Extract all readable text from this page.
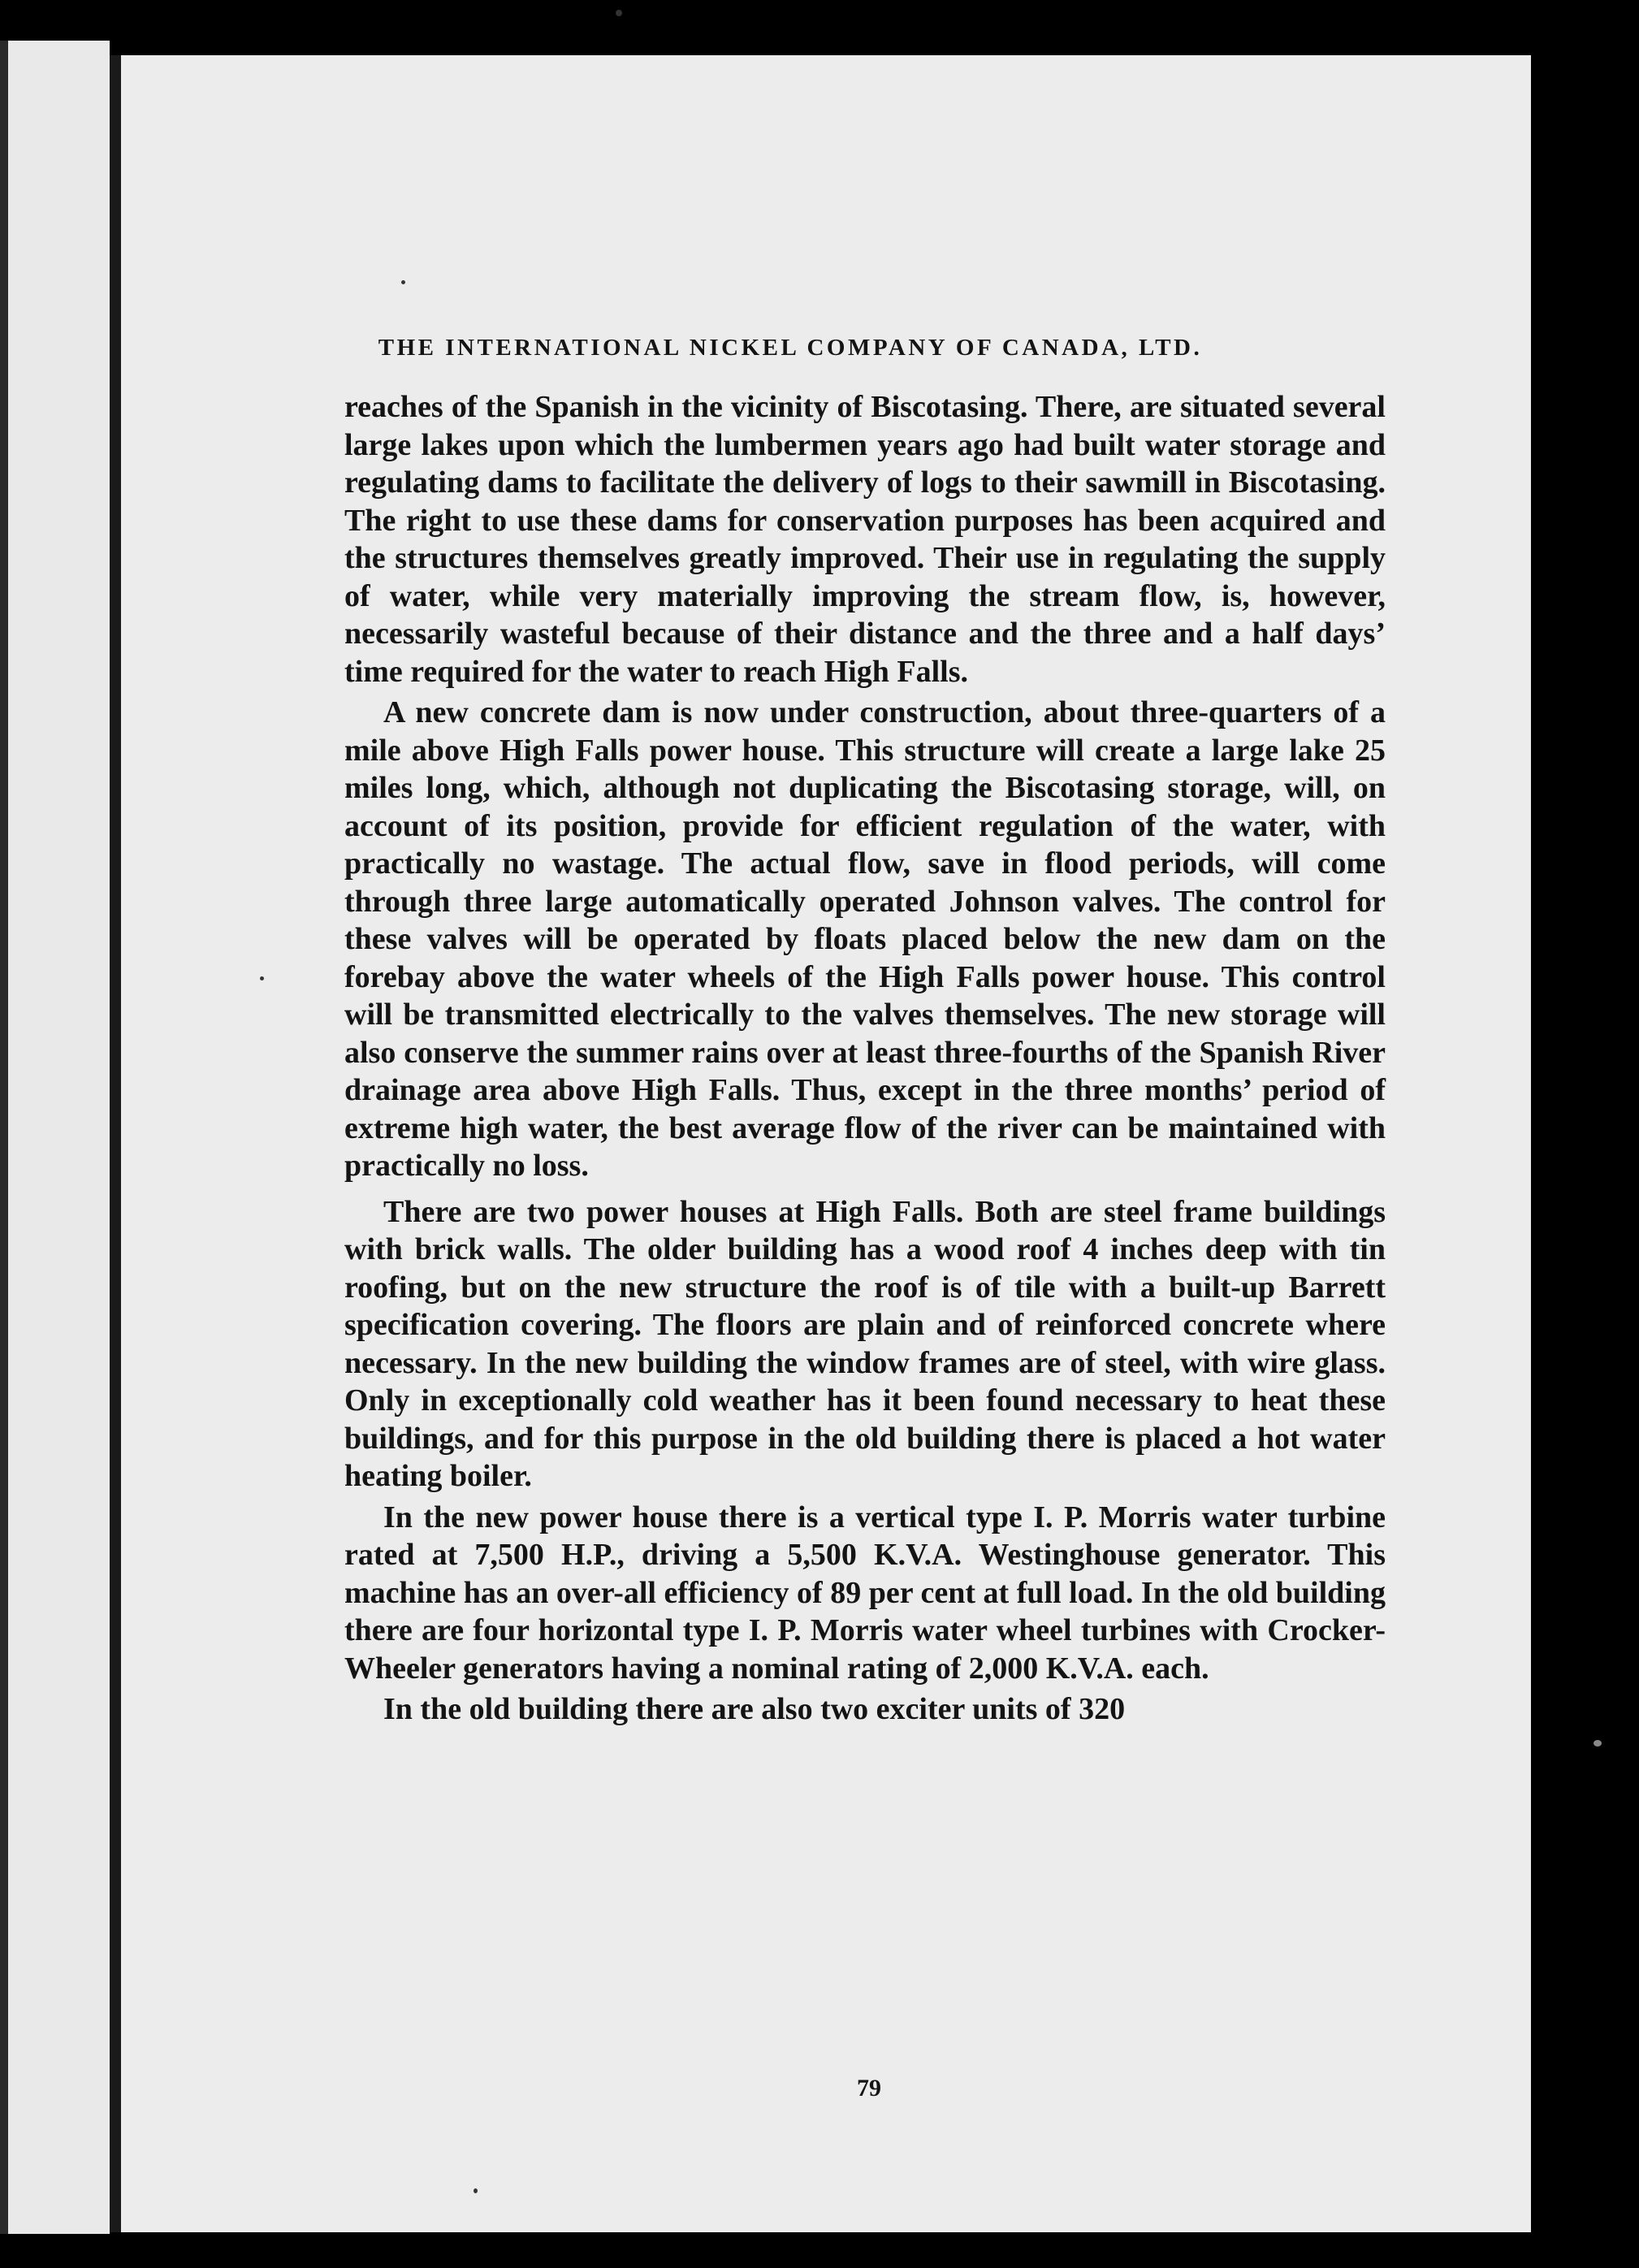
THE INTERNATIONAL NICKEL COMPANY OF CANADA, LTD.

reaches of the Spanish in the vicinity of Biscotasing. There, are situated several large lakes upon which the lumbermen years ago had built water storage and regulating dams to facilitate the delivery of logs to their sawmill in Biscotasing. The right to use these dams for conservation purposes has been acquired and the structures themselves greatly improved. Their use in regulating the supply of water, while very materially improving the stream flow, is, however, necessarily wasteful because of their distance and the three and a half days’ time required for the water to reach High Falls.

A new concrete dam is now under construction, about three-quarters of a mile above High Falls power house. This structure will create a large lake 25 miles long, which, although not duplicating the Biscotasing storage, will, on account of its position, provide for efficient regulation of the water, with practically no wastage. The actual flow, save in flood periods, will come through three large automatically operated Johnson valves. The control for these valves will be operated by floats placed below the new dam on the forebay above the water wheels of the High Falls power house. This control will be transmitted electrically to the valves themselves. The new storage will also conserve the summer rains over at least three-fourths of the Spanish River drainage area above High Falls. Thus, except in the three months’ period of extreme high water, the best average flow of the river can be maintained with practically no loss.

There are two power houses at High Falls. Both are steel frame buildings with brick walls. The older building has a wood roof 4 inches deep with tin roofing, but on the new structure the roof is of tile with a built-up Barrett specification covering. The floors are plain and of reinforced concrete where necessary. In the new building the window frames are of steel, with wire glass. Only in exceptionally cold weather has it been found necessary to heat these buildings, and for this purpose in the old building there is placed a hot water heating boiler.

In the new power house there is a vertical type I. P. Morris water turbine rated at 7,500 H.P., driving a 5,500 K.V.A. Westinghouse generator. This machine has an over-all efficiency of 89 per cent at full load. In the old building there are four horizontal type I. P. Morris water wheel turbines with Crocker-Wheeler generators having a nominal rating of 2,000 K.V.A. each.

In the old building there are also two exciter units of 320

79
